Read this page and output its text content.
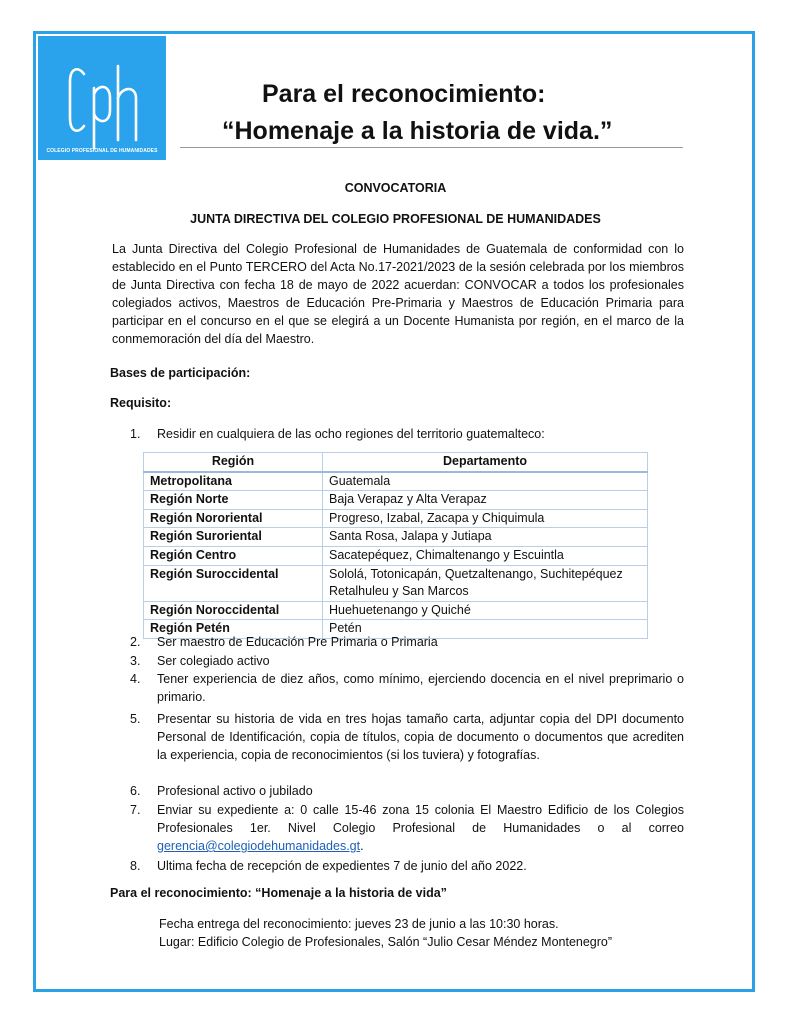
COLEGIO PROFESIONAL DE HUMANIDADES
Para el reconocimiento:
“Homenaje a la historia de vida.”
CONVOCATORIA
JUNTA DIRECTIVA DEL COLEGIO PROFESIONAL DE HUMANIDADES
La Junta Directiva del Colegio Profesional de Humanidades de Guatemala de conformidad con lo establecido en el Punto TERCERO del Acta No.17-2021/2023 de la sesión celebrada por los miembros de Junta Directiva con fecha 18 de mayo de 2022 acuerdan: CONVOCAR a todos los profesionales colegiados activos, Maestros de Educación Pre-Primaria y Maestros de Educación Primaria para participar en el concurso en el que se elegirá a un Docente Humanista por región, en el marco de la conmemoración del día del Maestro.
Bases de participación:
Requisito:
1.	Residir en cualquiera de las ocho regiones del territorio guatemalteco:
Región	Departamento
Metropolitana	Guatemala
Región Norte	Baja Verapaz y Alta Verapaz
Región Nororiental	Progreso, Izabal, Zacapa y Chiquimula
Región Suroriental	Santa Rosa, Jalapa y Jutiapa
Región Centro	Sacatepéquez, Chimaltenango y Escuintla
Región Suroccidental	Sololá, Totonicapán, Quetzaltenango, Suchitepéquez Retalhuleu y San Marcos
Región Noroccidental	Huehuetenango y Quiché
Región Petén	Petén
2.	Ser maestro de Educación Pre Primaria o Primaria
3.	Ser colegiado activo
4.	Tener experiencia de diez años, como mínimo, ejerciendo docencia en el nivel preprimario o primario.
5.	Presentar su historia de vida en tres hojas tamaño carta, adjuntar copia del DPI documento Personal de Identificación, copia de títulos, copia de documento o documentos que acrediten la experiencia, copia de reconocimientos (si los tuviera) y fotografías.
6.	Profesional activo o jubilado
7.	Enviar su expediente a: 0 calle 15-46 zona 15 colonia El Maestro Edificio de los Colegios Profesionales 1er. Nivel Colegio Profesional de Humanidades o al correo gerencia@colegiodehumanidades.gt.
8.	Ultima fecha de recepción de expedientes 7 de junio del año 2022.
Para el reconocimiento: “Homenaje a la historia de vida”
Fecha entrega del reconocimiento: jueves 23 de junio a las 10:30 horas.
Lugar: Edificio Colegio de Profesionales, Salón “Julio Cesar Méndez Montenegro”
